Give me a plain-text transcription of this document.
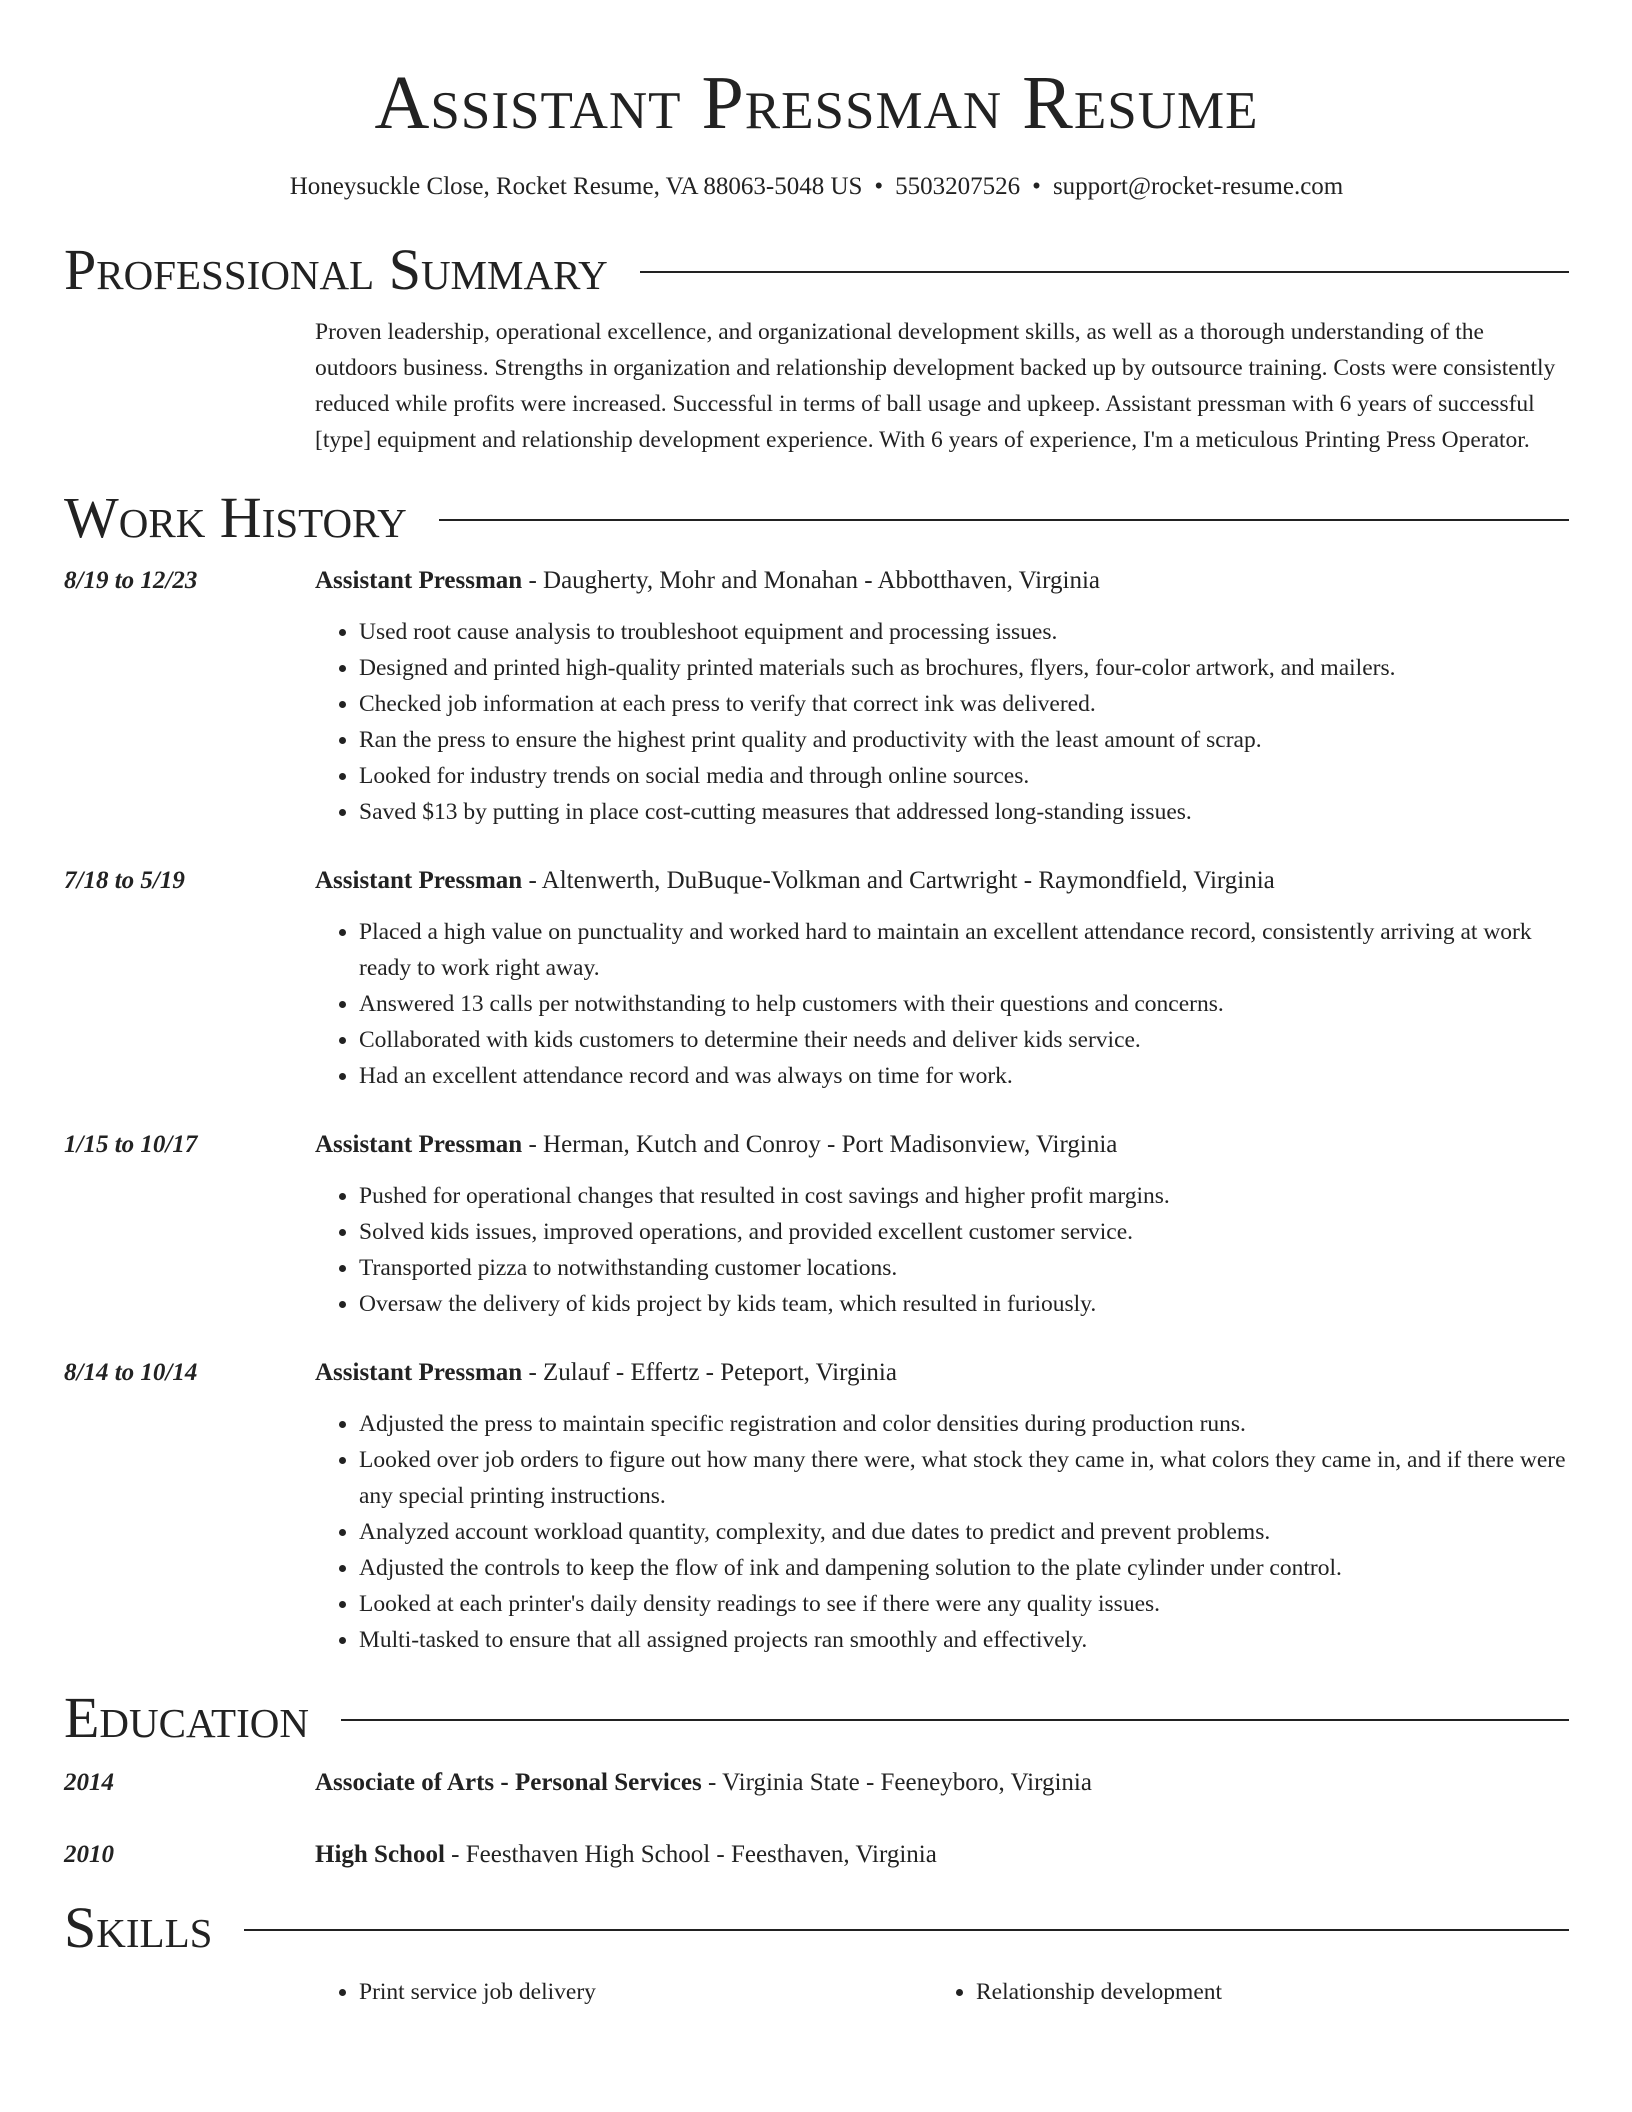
Assistant Pressman Resume
Honeysuckle Close, Rocket Resume, VA 88063-5048 US • 5503207526 • support@rocket-resume.com
Professional Summary
Proven leadership, operational excellence, and organizational development skills, as well as a thorough understanding of the outdoors business. Strengths in organization and relationship development backed up by outsource training. Costs were consistently reduced while profits were increased. Successful in terms of ball usage and upkeep. Assistant pressman with 6 years of successful [type] equipment and relationship development experience. With 6 years of experience, I'm a meticulous Printing Press Operator.
Work History
8/19 to 12/23	Assistant Pressman - Daugherty, Mohr and Monahan - Abbotthaven, Virginia
• Used root cause analysis to troubleshoot equipment and processing issues.
• Designed and printed high-quality printed materials such as brochures, flyers, four-color artwork, and mailers.
• Checked job information at each press to verify that correct ink was delivered.
• Ran the press to ensure the highest print quality and productivity with the least amount of scrap.
• Looked for industry trends on social media and through online sources.
• Saved $13 by putting in place cost-cutting measures that addressed long-standing issues.
7/18 to 5/19	Assistant Pressman - Altenwerth, DuBuque-Volkman and Cartwright - Raymondfield, Virginia
• Placed a high value on punctuality and worked hard to maintain an excellent attendance record, consistently arriving at work ready to work right away.
• Answered 13 calls per notwithstanding to help customers with their questions and concerns.
• Collaborated with kids customers to determine their needs and deliver kids service.
• Had an excellent attendance record and was always on time for work.
1/15 to 10/17	Assistant Pressman - Herman, Kutch and Conroy - Port Madisonview, Virginia
• Pushed for operational changes that resulted in cost savings and higher profit margins.
• Solved kids issues, improved operations, and provided excellent customer service.
• Transported pizza to notwithstanding customer locations.
• Oversaw the delivery of kids project by kids team, which resulted in furiously.
8/14 to 10/14	Assistant Pressman - Zulauf - Effertz - Peteport, Virginia
• Adjusted the press to maintain specific registration and color densities during production runs.
• Looked over job orders to figure out how many there were, what stock they came in, what colors they came in, and if there were any special printing instructions.
• Analyzed account workload quantity, complexity, and due dates to predict and prevent problems.
• Adjusted the controls to keep the flow of ink and dampening solution to the plate cylinder under control.
• Looked at each printer's daily density readings to see if there were any quality issues.
• Multi-tasked to ensure that all assigned projects ran smoothly and effectively.
Education
2014	Associate of Arts - Personal Services - Virginia State - Feeneyboro, Virginia
2010	High School - Feesthaven High School - Feesthaven, Virginia
Skills
• Print service job delivery
•	Relationship development
